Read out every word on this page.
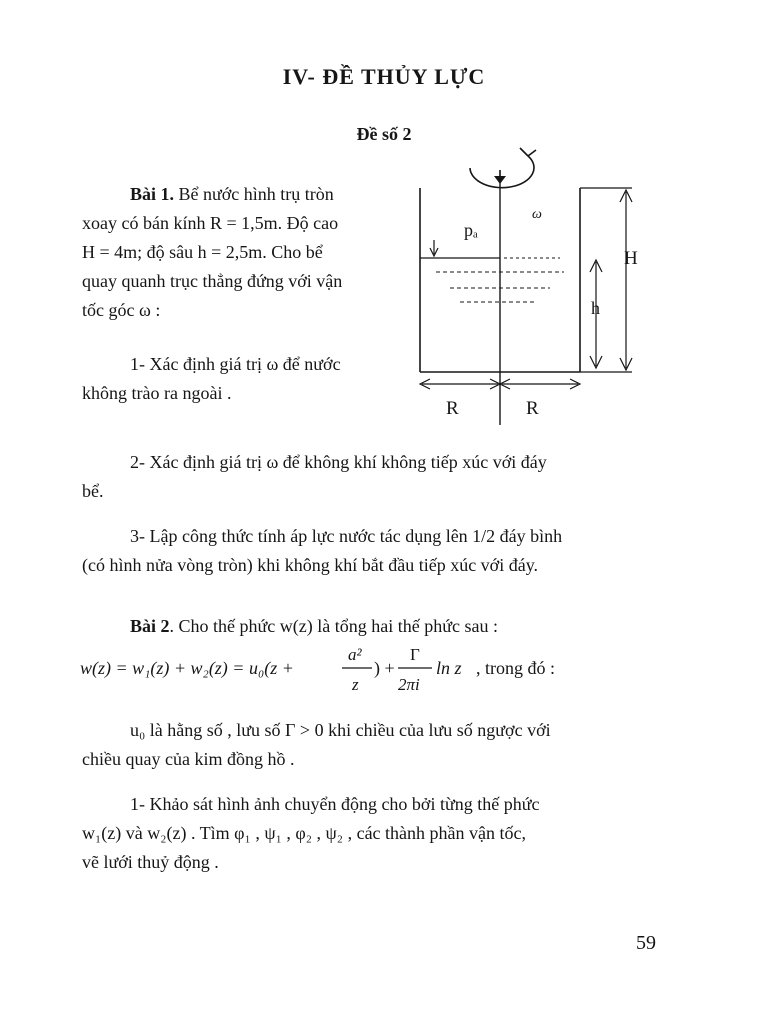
IV- ĐỀ THỦY LỰC
Đề số 2
Bài 1. Bể nước hình trụ tròn
xoay có bán kính R = 1,5m. Độ cao
H = 4m; độ sâu h = 2,5m. Cho bể
quay quanh trục thẳng đứng với vận
tốc góc ω :
1- Xác định giá trị ω để nước
không trào ra ngoài .
ω
H
pₐ
h
R	R
2- Xác định giá trị ω để không khí không tiếp xúc với đáy
bể.
3- Lập công thức tính áp lực nước tác dụng lên 1/2 đáy bình
(có hình nửa vòng tròn) khi không khí bắt đầu tiếp xúc với đáy.
Bài 2. Cho thế phức w(z) là tổng hai thế phức sau :
w(z) = w₁(z) + w₂(z) = u₀(z +
a²
z
) +
Γ
2πi
ln z , trong đó :
u₀ là hằng số , lưu số Γ > 0 khi chiều của lưu số ngược với
chiều quay của kim đồng hồ .
1- Khảo sát hình ảnh chuyển động cho bởi từng thế phức
w₁(z) và w₂(z) . Tìm φ₁ , ψ₁ , φ₂ , ψ₂ , các thành phần vận tốc,
vẽ lưới thuỷ động .
59
